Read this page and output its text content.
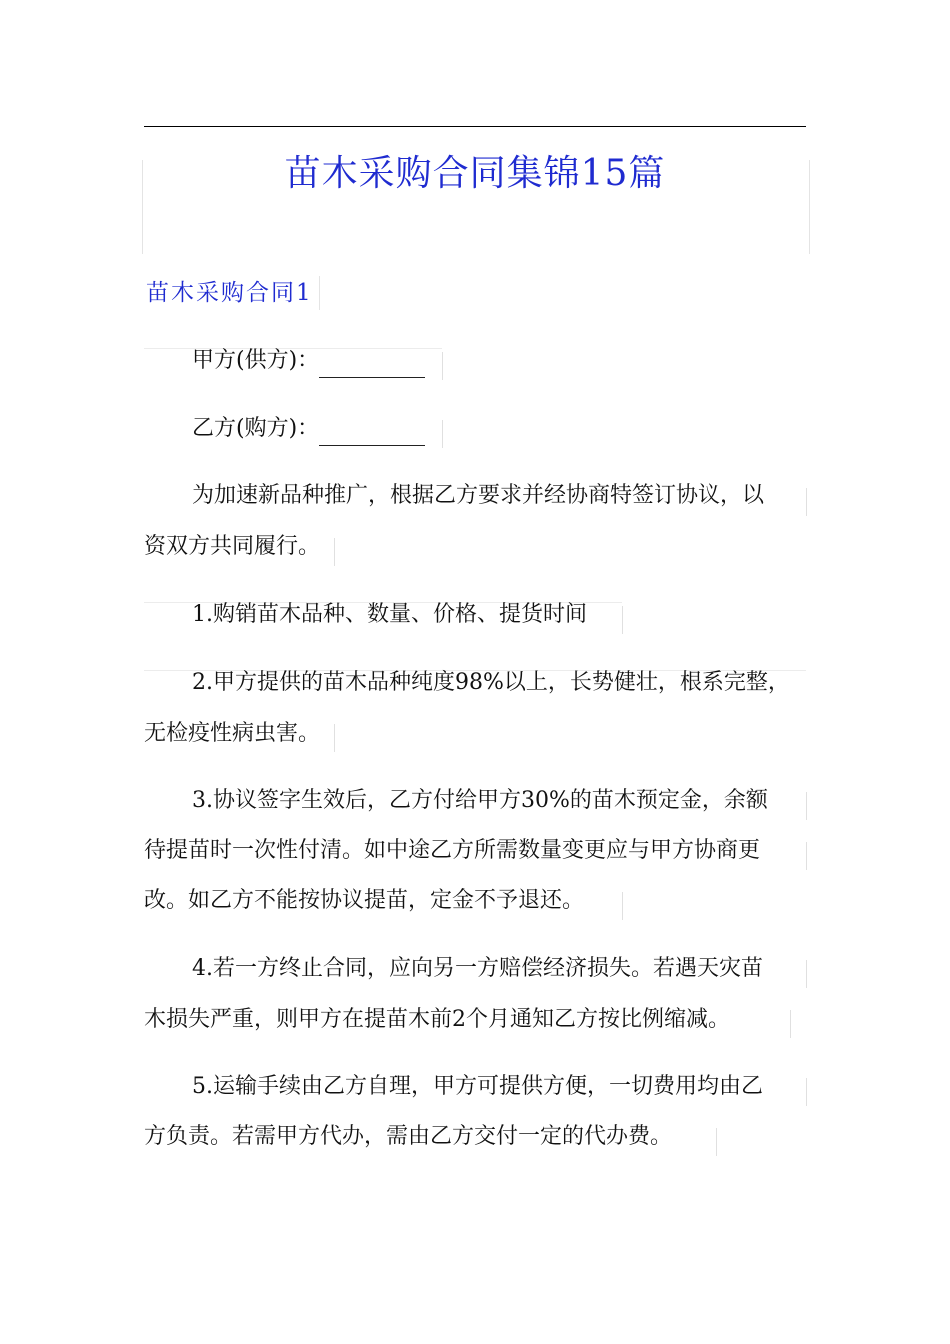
苗木采购合同集锦15篇
苗木采购合同1
甲方(供方)：
乙方(购方)：
为加速新品种推广，根据乙方要求并经协商特签订协议，以
资双方共同履行。
1.购销苗木品种、数量、价格、提货时间
2.甲方提供的苗木品种纯度98%以上，长势健壮，根系完整，
无检疫性病虫害。
3.协议签字生效后，乙方付给甲方30%的苗木预定金，余额
待提苗时一次性付清。如中途乙方所需数量变更应与甲方协商更
改。如乙方不能按协议提苗，定金不予退还。
4.若一方终止合同，应向另一方赔偿经济损失。若遇天灾苗
木损失严重，则甲方在提苗木前2个月通知乙方按比例缩减。
5.运输手续由乙方自理，甲方可提供方便，一切费用均由乙
方负责。若需甲方代办，需由乙方交付一定的代办费。
